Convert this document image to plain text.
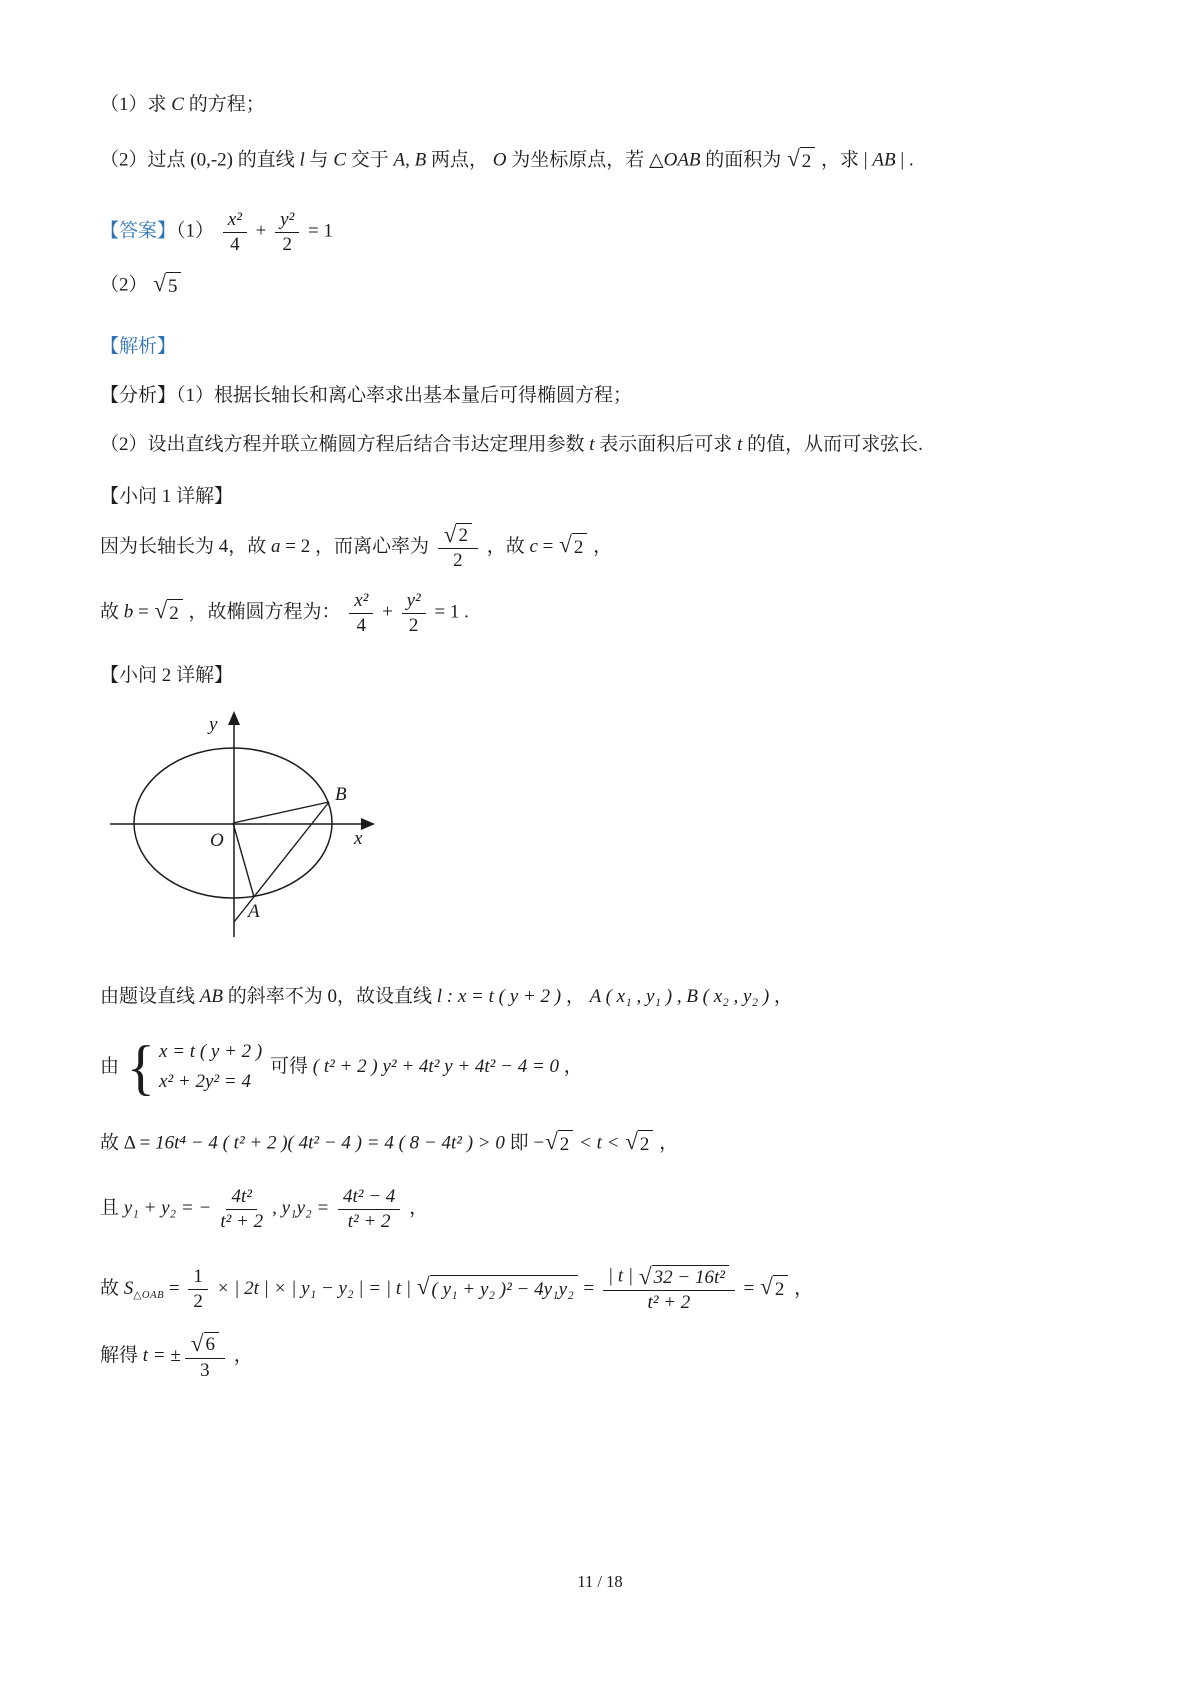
（1）求 C 的方程；
（2）过点 (0,-2) 的直线 l 与 C 交于 A, B 两点， O 为坐标原点，若 △OAB 的面积为 √ 2 ，求 | AB | .
【答案】$(1) \frac{\text{x²}}{4} + \frac{\text{y²}}{2} = 1$
（2） √ 5
【解析】
【分析】（1）根据长轴长和离心率求出基本量后可得椭圆方程；
（2）设出直线方程并联立椭圆方程后结合韦达定理用参数 t 表示面积后可求 t 的值，从而可求弦长.
【小问 1 详解】
因为长轴长为 4，故 a = 2 ，而离心率为 $\frac{√ 2}{2}$ ，故 c = √ 2 ，
故 b = √ 2 ，故椭圆方程为： $\frac{\text{x²}}{4} + \frac{\text{y²}}{2} = 1$ .
【小问 2 详解】
y
x
O
B
A
由题设直线 AB 的斜率不为 0，故设直线 l : x = t ( y + 2 ) ， A ( x₁ , y₁ ) , B ( x₂ , y₂ ) ，
由 { x = t ( y + 2 )
x² + 2y² = 4
可得 ( t² + 2 ) y² + 4t² y + 4t² − 4 = 0 ，
故 Δ = 16t⁴ − 4 ( t² + 2 )( 4t² − 4 ) = 4 ( 8 − 4t² ) > 0 即 − √ 2 < t < √ 2 ，
且 y₁ + y₂ = − $\frac{\text{4t²}}{\text{t² + 2}}$ , $y_1y_2 = \frac{\text{4t² − 4}}{\text{t² + 2}}$ ，
故 $S_{\triangle OAB} = \frac{1}{2}$ × | 2t | × | y₁ − y₂ | = | t | √ ( y₁ + y₂ )$^2 - 4y_1y_2 = \frac{\text{| t | √ 32 − 16t²}}{\text{t² + 2}}$ = √ 2 ，
解得 t = ± $\frac{√ 6}{3}$ ，
11 / 18
